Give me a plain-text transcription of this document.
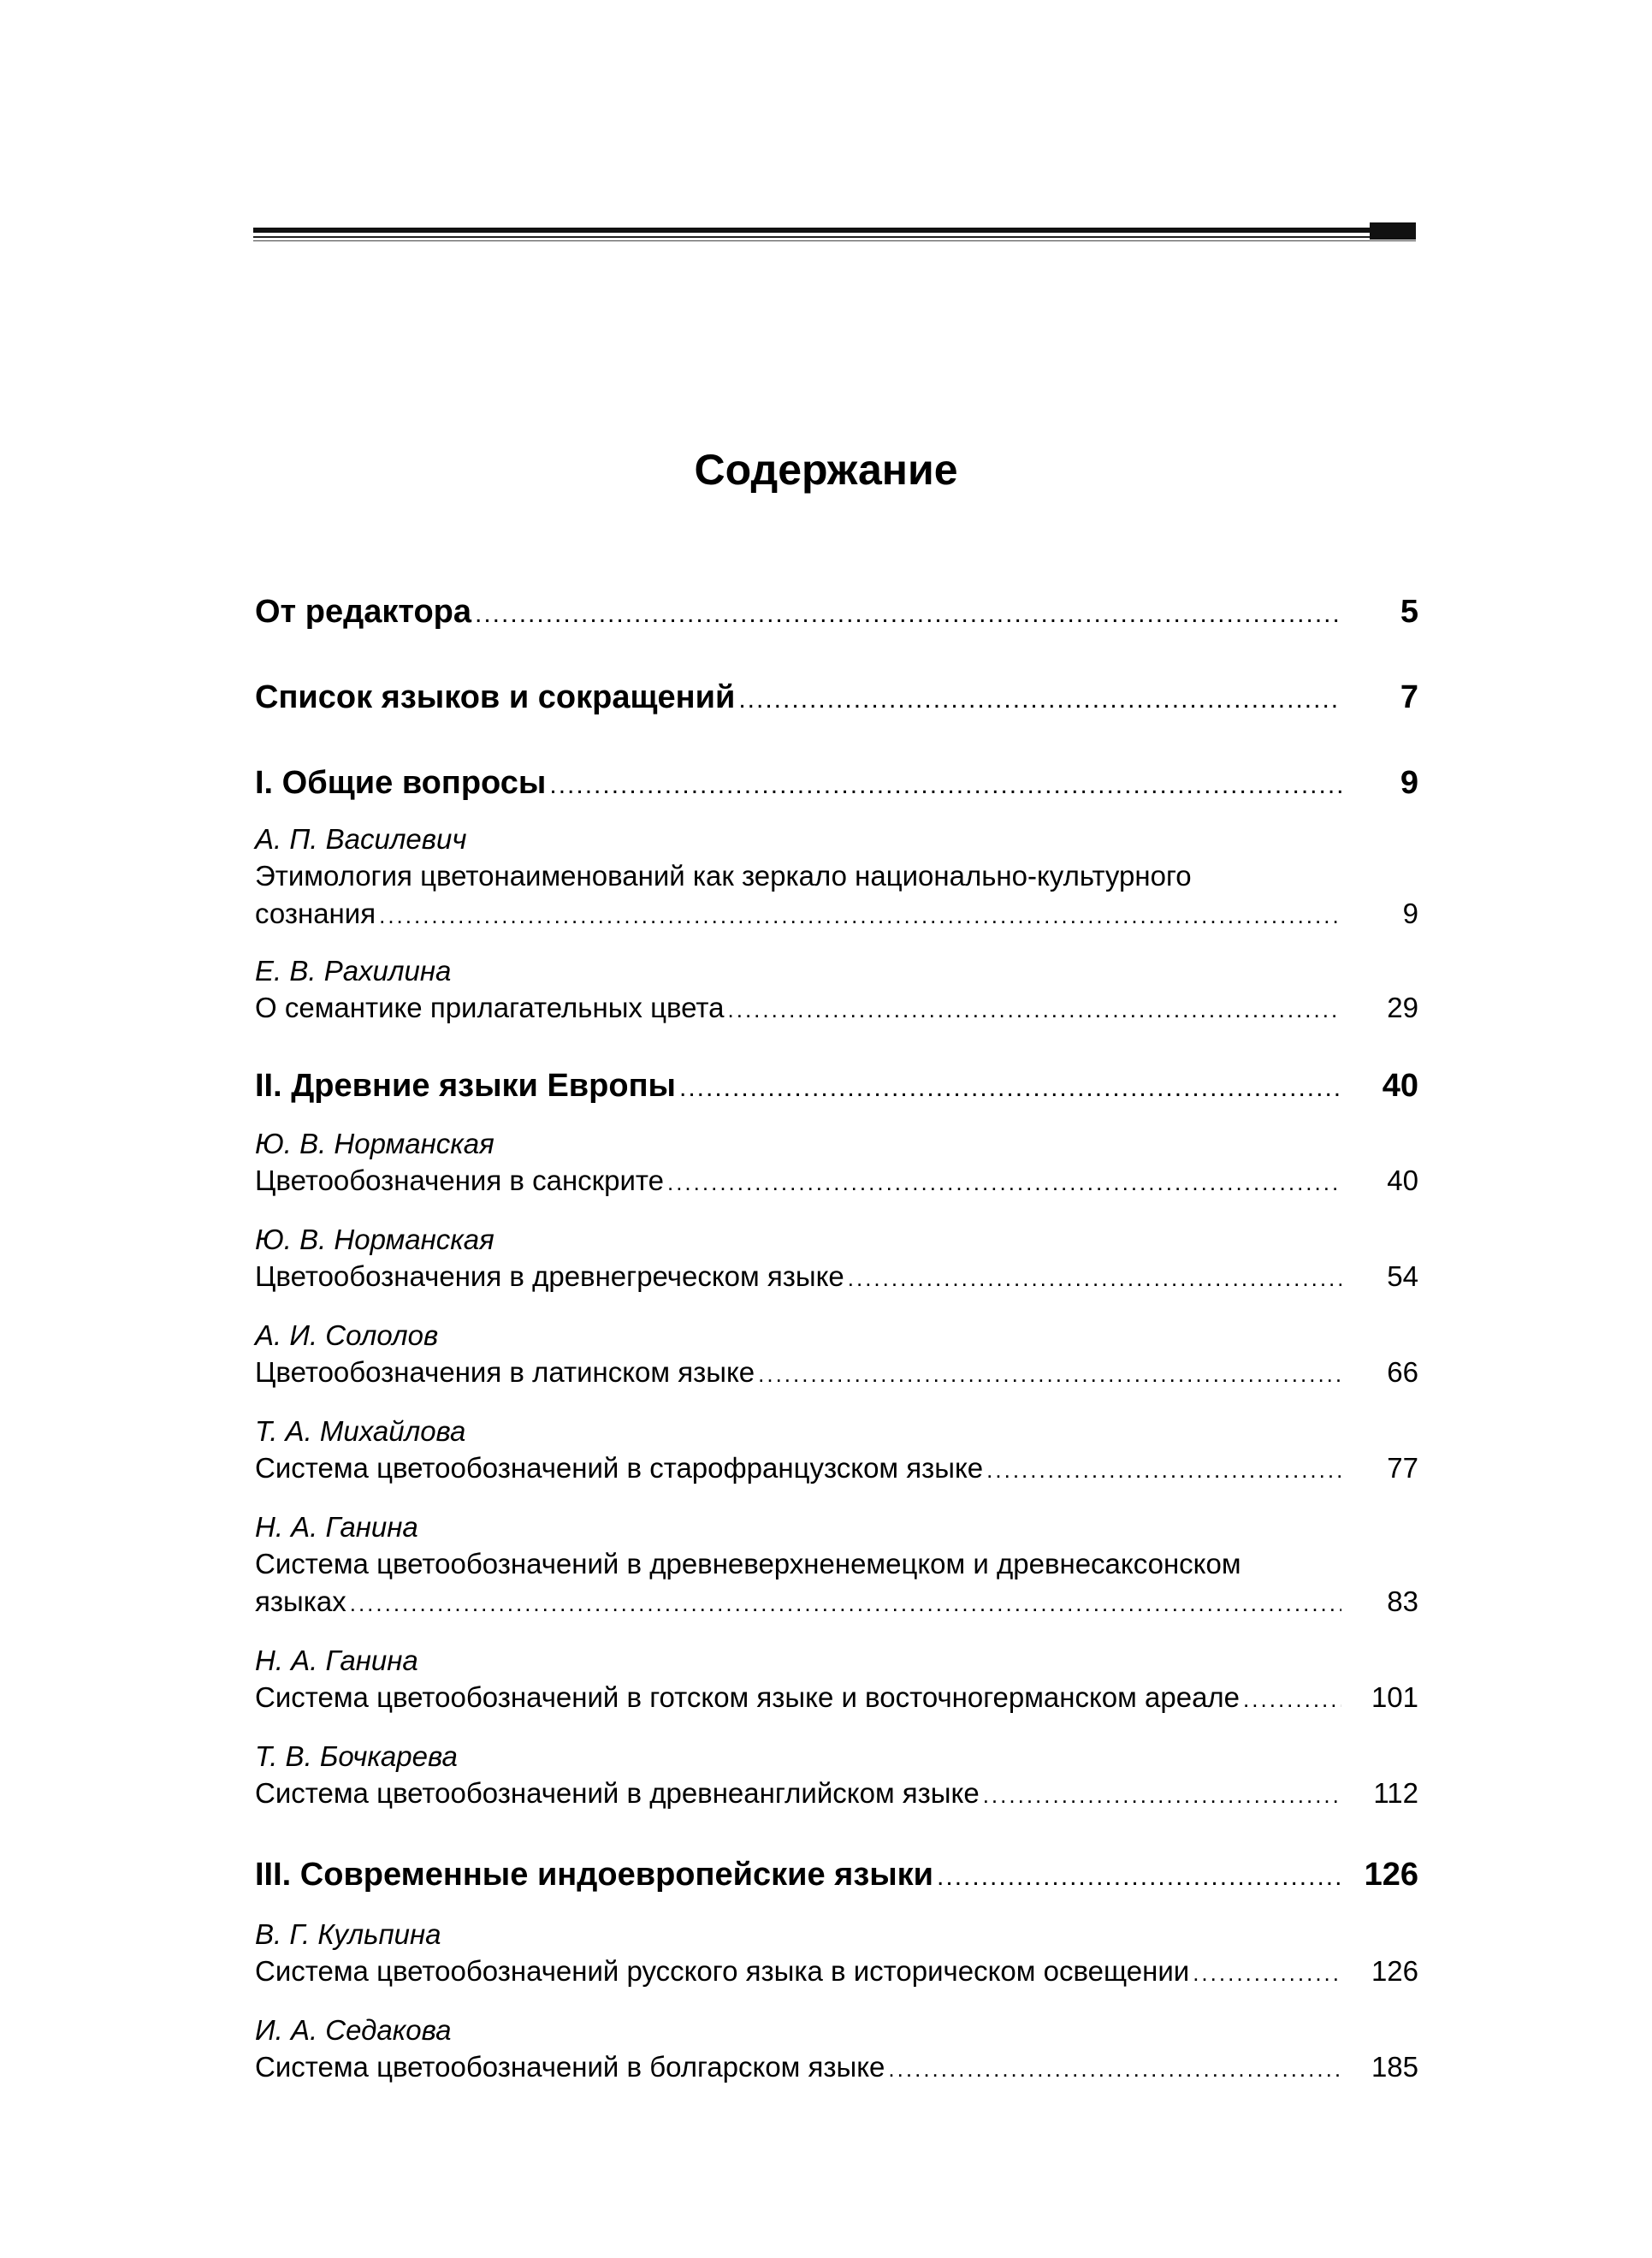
Содержание
От редактора .....	5
Список языков и сокращений .....	7
I. Общие вопросы .....	9
А. П. Василевич
Этимология цветонаименований как зеркало национально-культурного
сознания .....	9
Е. В. Рахилина
О семантике прилагательных цвета .....	29
II. Древние языки Европы .....	40
Ю. В. Норманская
Цветообозначения в санскрите .....	40
Ю. В. Норманская
Цветообозначения в древнегреческом языке .....	54
А. И. Сололов
Цветообозначения в латинском языке .....	66
Т. А. Михайлова
Система цветообозначений в старофранцузском языке .....	77
Н. А. Ганина
Система цветообозначений в древневерхненемецком и древнесаксонском
языках .....	83
Н. А. Ганина
Система цветообозначений в готском языке и восточногерманском ареале .....	101
Т. В. Бочкарева
Система цветообозначений в древнеанглийском языке .....	112
III. Современные индоевропейские языки .....	126
В. Г. Кульпина
Система цветообозначений русского языка в историческом освещении .....	126
И. А. Седакова
Система цветообозначений в болгарском языке .....	185
